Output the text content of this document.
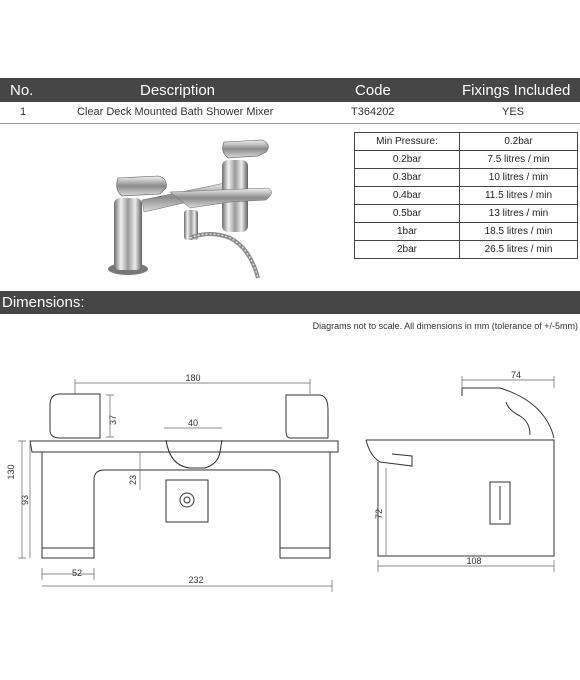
No.	Description	Code	Fixings Included
1	Clear Deck Mounted Bath Shower Mixer	T364202	YES
Min Pressure:	0.2bar
0.2bar	7.5 litres / min
0.3bar	10 litres / min
0.4bar	11.5 litres / min
0.5bar	13 litres / min
1bar	18.5 litres / min
2bar	26.5 litres / min
Dimensions:
Diagrams not to scale. All dimensions in mm (tolerance of +/-5mm)
180
37	40
130
93
23
52
232
74
72
108
